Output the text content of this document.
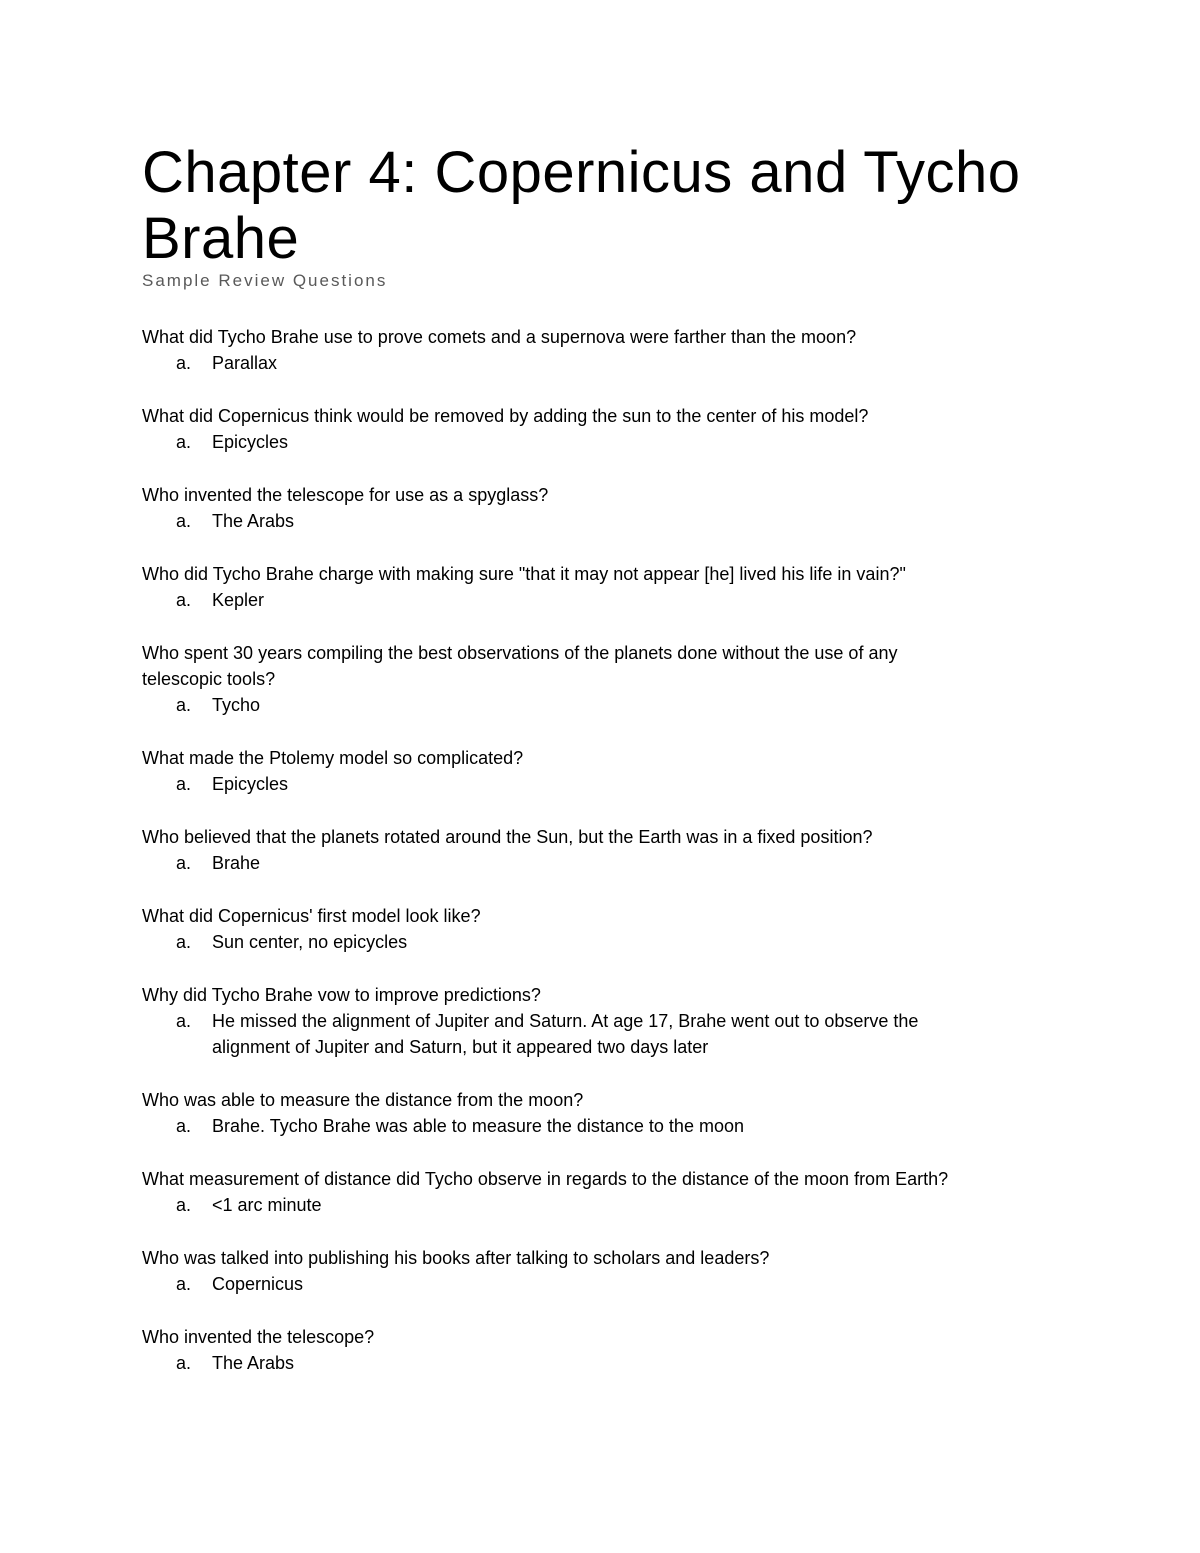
Chapter 4: Copernicus and Tycho
Brahe
Sample Review Questions
What did Tycho Brahe use to prove comets and a supernova were farther than the moon?
a. Parallax
What did Copernicus think would be removed by adding the sun to the center of his model?
a. Epicycles
Who invented the telescope for use as a spyglass?
a. The Arabs
Who did Tycho Brahe charge with making sure "that it may not appear [he] lived his life in vain?"
a. Kepler
Who spent 30 years compiling the best observations of the planets done without the use of any
telescopic tools?
a. Tycho
What made the Ptolemy model so complicated?
a. Epicycles
Who believed that the planets rotated around the Sun, but the Earth was in a fixed position?
a. Brahe
What did Copernicus' first model look like?
a. Sun center, no epicycles
Why did Tycho Brahe vow to improve predictions?
a. He missed the alignment of Jupiter and Saturn. At age 17, Brahe went out to observe the
alignment of Jupiter and Saturn, but it appeared two days later
Who was able to measure the distance from the moon?
a. Brahe. Tycho Brahe was able to measure the distance to the moon
What measurement of distance did Tycho observe in regards to the distance of the moon from Earth?
a. <1 arc minute
Who was talked into publishing his books after talking to scholars and leaders?
a. Copernicus
Who invented the telescope?
a. The Arabs
